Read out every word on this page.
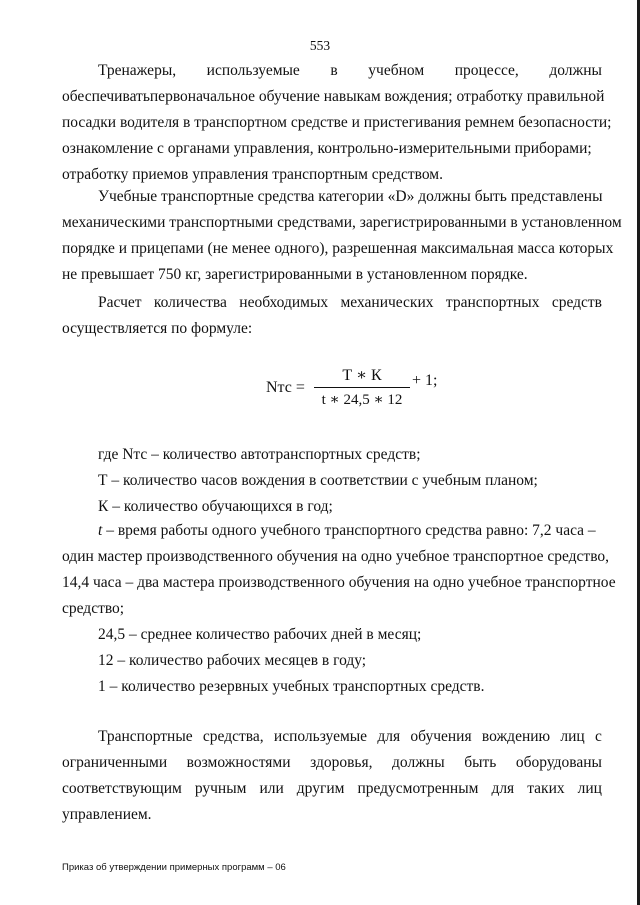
553
Тренажеры, используемые в учебном процессе, должны
обеспечиватьпервоначальное обучение навыкам вождения; отработку правильной
посадки водителя в транспортном средстве и пристегивания ремнем безопасности;
ознакомление с органами управления, контрольно-измерительными приборами;
отработку приемов управления транспортным средством.
Учебные транспортные средства категории «D» должны быть представлены
механическими транспортными средствами, зарегистрированными в установленном
порядке и прицепами (не менее одного), разрешенная максимальная масса которых
не превышает 750 кг, зарегистрированными в установленном порядке.
Расчет количества необходимых механических транспортных средств
осуществляется по формуле:
Nтс =
Т ∗ К
t ∗ 24,5 ∗ 12
+ 1;
где Nтс – количество автотранспортных средств;
Т – количество часов вождения в соответствии с учебным планом;
К – количество обучающихся в год;
t – время работы одного учебного транспортного средства равно: 7,2 часа –
один мастер производственного обучения на одно учебное транспортное средство,
14,4 часа – два мастера производственного обучения на одно учебное транспортное
средство;
24,5 – среднее количество рабочих дней в месяц;
12 – количество рабочих месяцев в году;
1 – количество резервных учебных транспортных средств.
Транспортные средства, используемые для обучения вождению лиц с
ограниченными возможностями здоровья, должны быть оборудованы
соответствующим ручным или другим предусмотренным для таких лиц
управлением.
Приказ об утверждении примерных программ – 06
